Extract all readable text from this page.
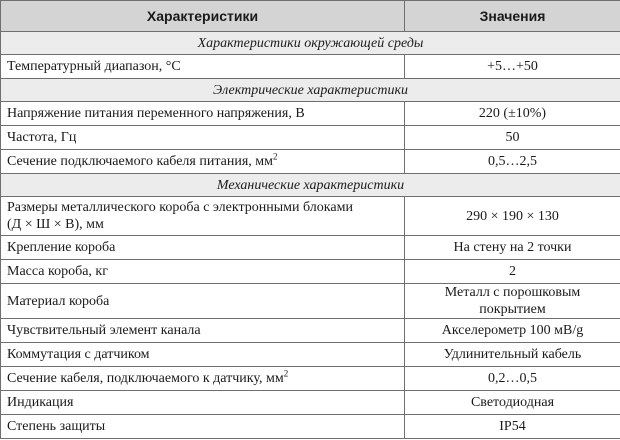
Характеристики	Значения
Характеристики окружающей среды	
Температурный диапазон, °С	+5…+50
Электрические характеристики	
Напряжение питания переменного напряжения, В	220 (±10%)
Частота, Гц	50
Сечение подключаемого кабеля питания, мм$^2$	0,5…2,5
Механические характеристики	
Размеры металлического короба с электронными блоками
(Д × Ш × В), мм	290 × 190 × 130
Крепление короба	На стену на 2 точки
Масса короба, кг	2
Материал короба	Металл с порошковым покрытием
Чувствительный элемент канала	Акселерометр 100 мВ/g
Коммутация с датчиком	Удлинительный кабель
Сечение кабеля, подключаемого к датчику, мм$^2$	0,2…0,5
Индикация	Светодиодная
Степень защиты	IP54
